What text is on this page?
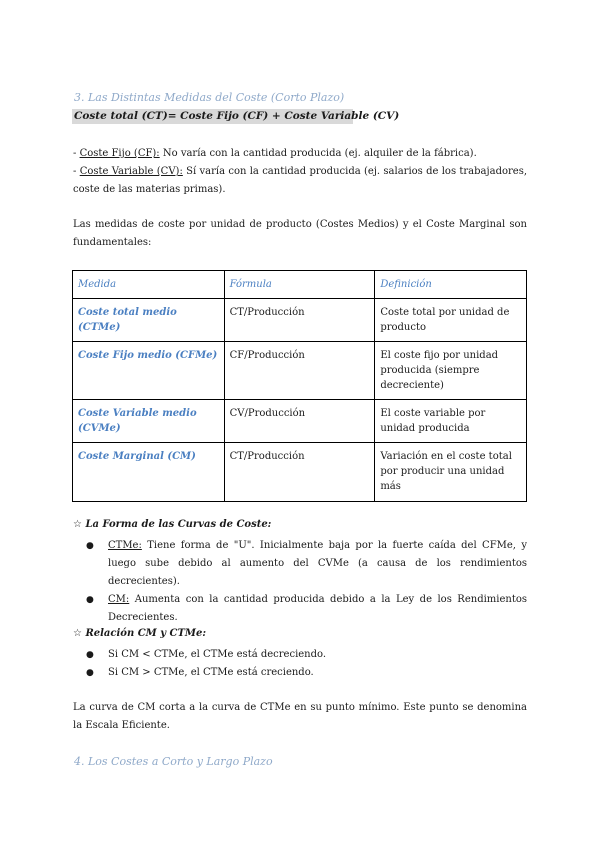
3. Las Distintas Medidas del Coste (Corto Plazo)
Coste total (CT)= Coste Fijo (CF) + Coste Variable (CV)
- Coste Fijo (CF): No varía con la cantidad producida (ej. alquiler de la fábrica).
- Coste Variable (CV): Sí varía con la cantidad producida (ej. salarios de los trabajadores, coste de las materias primas).
Las medidas de coste por unidad de producto (Costes Medios) y el Coste Marginal son fundamentales:
Medida	Fórmula	Definición
Coste total medio (CTMe)	CT/Producción	Coste total por unidad de producto
Coste Fijo medio (CFMe)	CF/Producción	El coste fijo por unidad producida (siempre decreciente)
Coste Variable medio (CVMe)	CV/Producción	El coste variable por unidad producida
Coste Marginal (CM)	CT/Producción	Variación en el coste total por producir una unidad más
☆ La Forma de las Curvas de Coste:
● CTMe: Tiene forma de "U". Inicialmente baja por la fuerte caída del CFMe, y luego sube debido al aumento del CVMe (a causa de los rendimientos decrecientes).
● CM: Aumenta con la cantidad producida debido a la Ley de los Rendimientos Decrecientes.
☆ Relación CM y CTMe:
● Si CM < CTMe, el CTMe está decreciendo.
● Si CM > CTMe, el CTMe está creciendo.
La curva de CM corta a la curva de CTMe en su punto mínimo. Este punto se denomina la Escala Eficiente.
4. Los Costes a Corto y Largo Plazo
